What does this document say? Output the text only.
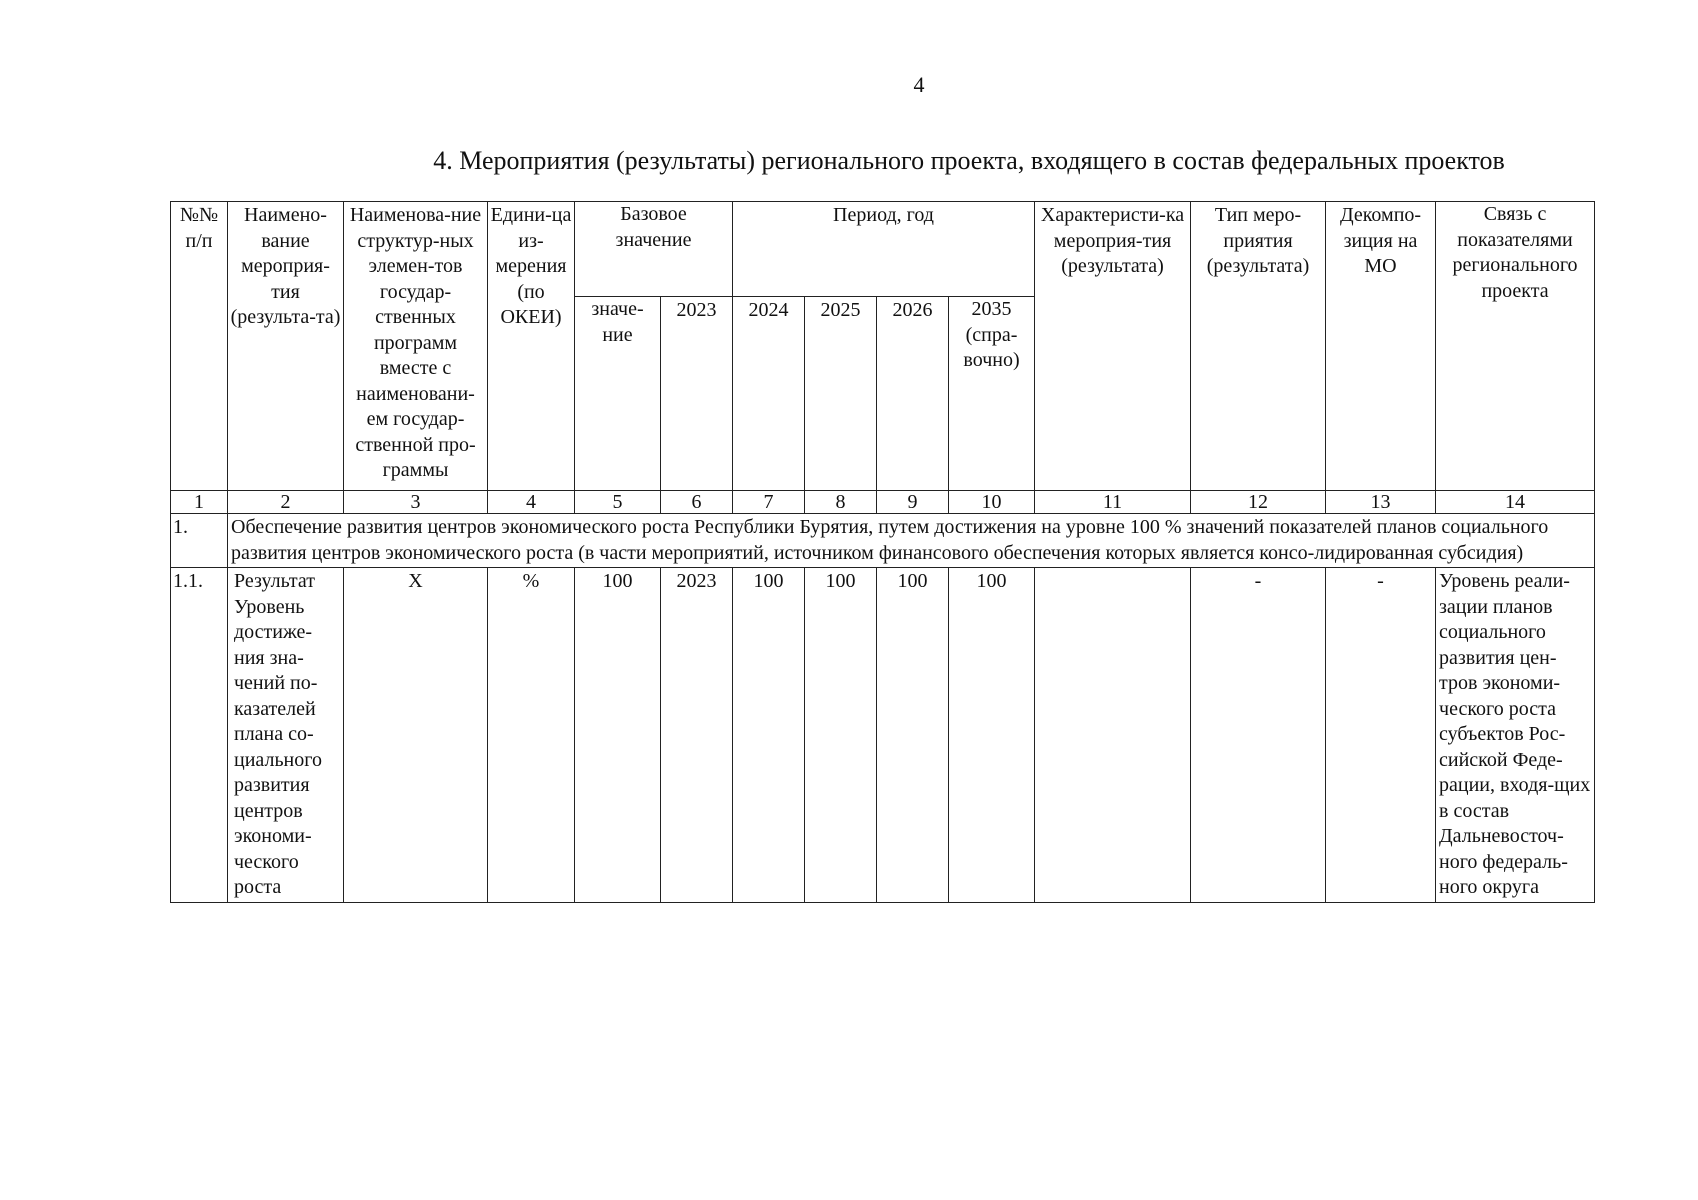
4
4. Мероприятия (результаты) регионального проекта, входящего в состав федеральных проектов
№№ п/п	Наимено-вание мероприя-тия (результа-та)	Наименова-ние структур-ных элемен-тов государ-ственных программ вместе с наименовани-ем государ-ственной про-граммы	Едини-ца из-мерения (по ОКЕИ)	Базовое значение		Период, год				Характеристи-ка мероприя-тия (результата)	Тип меро-приятия (результата)	Декомпо-зиция на МО	Связь с показателями регионального проекта
				значе-ние	2023	2024	2025	2026	2035 (спра-вочно)				
1	2	3	4	5	6	7	8	9	10	11	12	13	14
1.	Обеспечение развития центров экономического роста Республики Бурятия, путем достижения на уровне 100 % значений показателей планов социального развития центров экономического роста (в части мероприятий, источником финансового обеспечения которых является консо-лидированная субсидия)												
1.1.	Результат Уровень достиже-ния зна-чений по-казателей плана со-циального развития центров экономи-ческого роста	Х	%	100	2023	100	100	100	100		-	-	Уровень реали-зации планов социального развития цен-тров экономи-ческого роста субъектов Рос-сийской Феде-рации, входя-щих в состав Дальневосточ-ного федераль-ного округа
